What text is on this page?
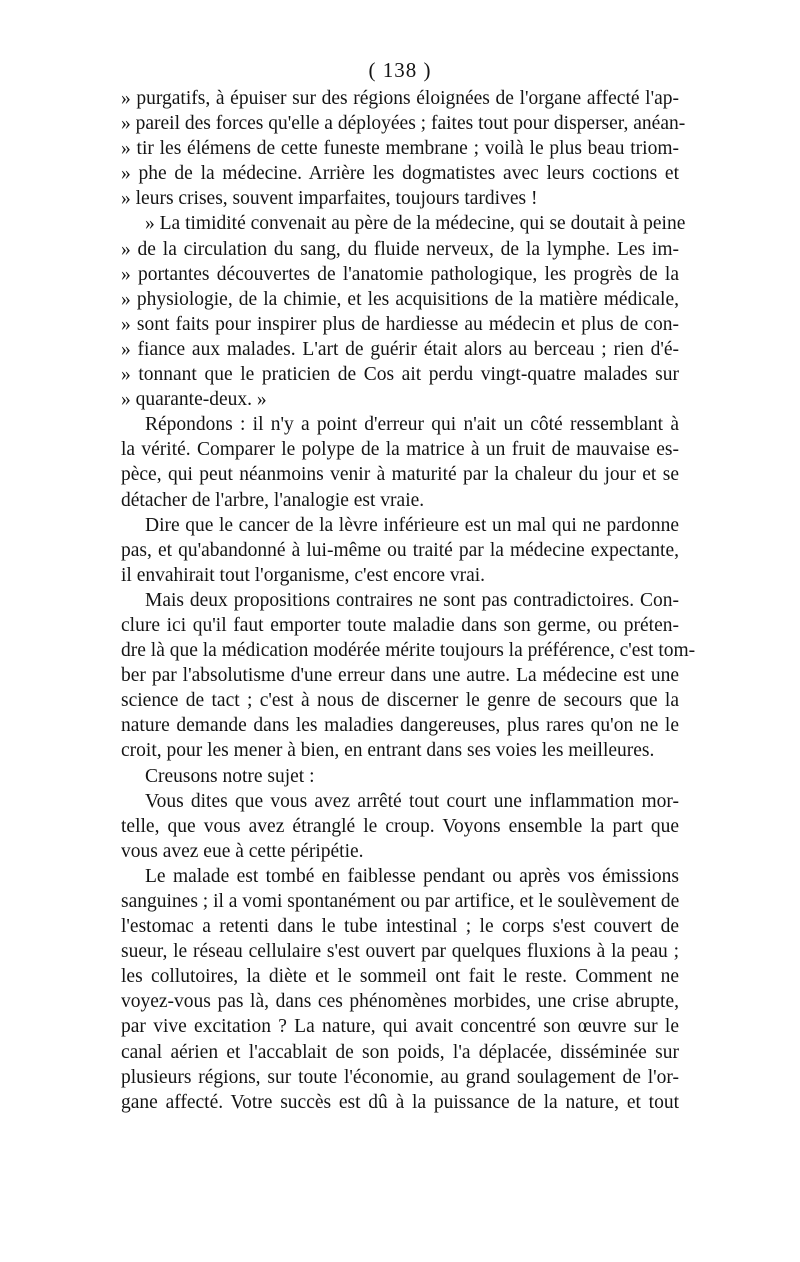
( 138 )
» purgatifs, à épuiser sur des régions éloignées de l'organe affecté l'ap-
» pareil des forces qu'elle a déployées ; faites tout pour disperser, anéan-
» tir les élémens de cette funeste membrane ; voilà le plus beau triom-
» phe de la médecine. Arrière les dogmatistes avec leurs coctions et
» leurs crises, souvent imparfaites, toujours tardives !
» La timidité convenait au père de la médecine, qui se doutait à peine
» de la circulation du sang, du fluide nerveux, de la lymphe. Les im-
» portantes découvertes de l'anatomie pathologique, les progrès de la
» physiologie, de la chimie, et les acquisitions de la matière médicale,
» sont faits pour inspirer plus de hardiesse au médecin et plus de con-
» fiance aux malades. L'art de guérir était alors au berceau ; rien d'é-
» tonnant que le praticien de Cos ait perdu vingt-quatre malades sur
» quarante-deux. »
Répondons : il n'y a point d'erreur qui n'ait un côté ressemblant à
la vérité. Comparer le polype de la matrice à un fruit de mauvaise es-
pèce, qui peut néanmoins venir à maturité par la chaleur du jour et se
détacher de l'arbre, l'analogie est vraie.
Dire que le cancer de la lèvre inférieure est un mal qui ne pardonne
pas, et qu'abandonné à lui-même ou traité par la médecine expectante,
il envahirait tout l'organisme, c'est encore vrai.
Mais deux propositions contraires ne sont pas contradictoires. Con-
clure ici qu'il faut emporter toute maladie dans son germe, ou préten-
dre là que la médication modérée mérite toujours la préférence, c'est tom-
ber par l'absolutisme d'une erreur dans une autre. La médecine est une
science de tact ; c'est à nous de discerner le genre de secours que la
nature demande dans les maladies dangereuses, plus rares qu'on ne le
croit, pour les mener à bien, en entrant dans ses voies les meilleures.
Creusons notre sujet :
Vous dites que vous avez arrêté tout court une inflammation mor-
telle, que vous avez étranglé le croup. Voyons ensemble la part que
vous avez eue à cette péripétie.
Le malade est tombé en faiblesse pendant ou après vos émissions
sanguines ; il a vomi spontanément ou par artifice, et le soulèvement de
l'estomac a retenti dans le tube intestinal ; le corps s'est couvert de
sueur, le réseau cellulaire s'est ouvert par quelques fluxions à la peau ;
les collutoires, la diète et le sommeil ont fait le reste. Comment ne
voyez-vous pas là, dans ces phénomènes morbides, une crise abrupte,
par vive excitation ? La nature, qui avait concentré son œuvre sur le
canal aérien et l'accablait de son poids, l'a déplacée, disséminée sur
plusieurs régions, sur toute l'économie, au grand soulagement de l'or-
gane affecté. Votre succès est dû à la puissance de la nature, et tout
